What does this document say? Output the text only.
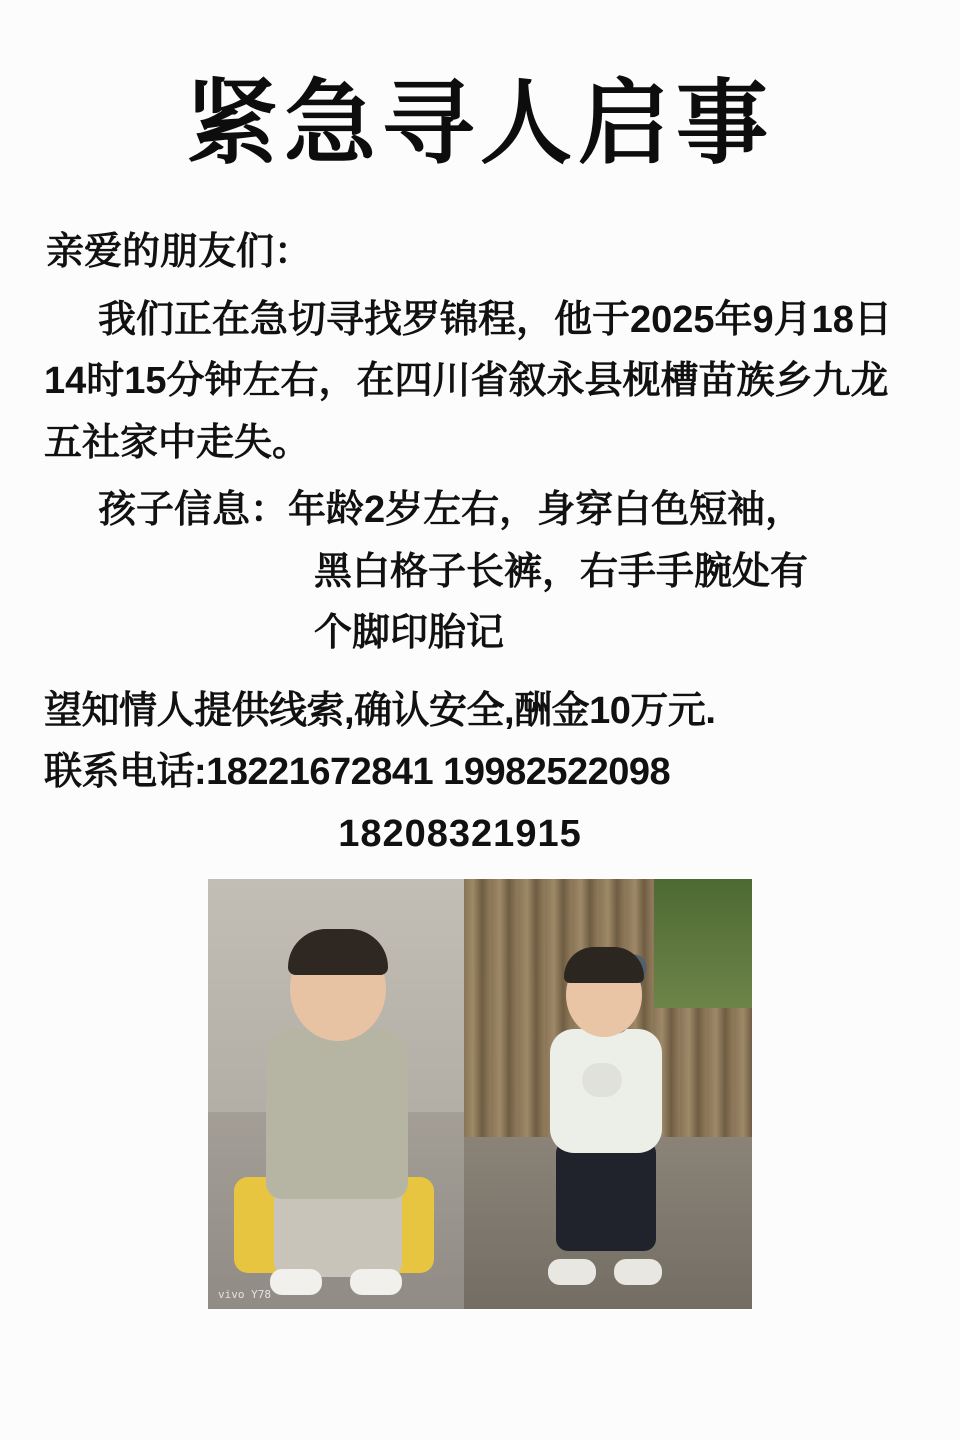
紧急寻人启事
亲爱的朋友们：

我们正在急切寻找罗锦程，他于2025年9月18日14时15分钟左右，在四川省叙永县枧槽苗族乡九龙五社家中走失。

孩子信息：年龄2岁左右，身穿白色短袖，

黑白格子长裤，右手手腕处有

个脚印胎记

望知情人提供线索,确认安全,酬金10万元.

联系电话:18221672841 19982522098

18208321915

vivo Y78
